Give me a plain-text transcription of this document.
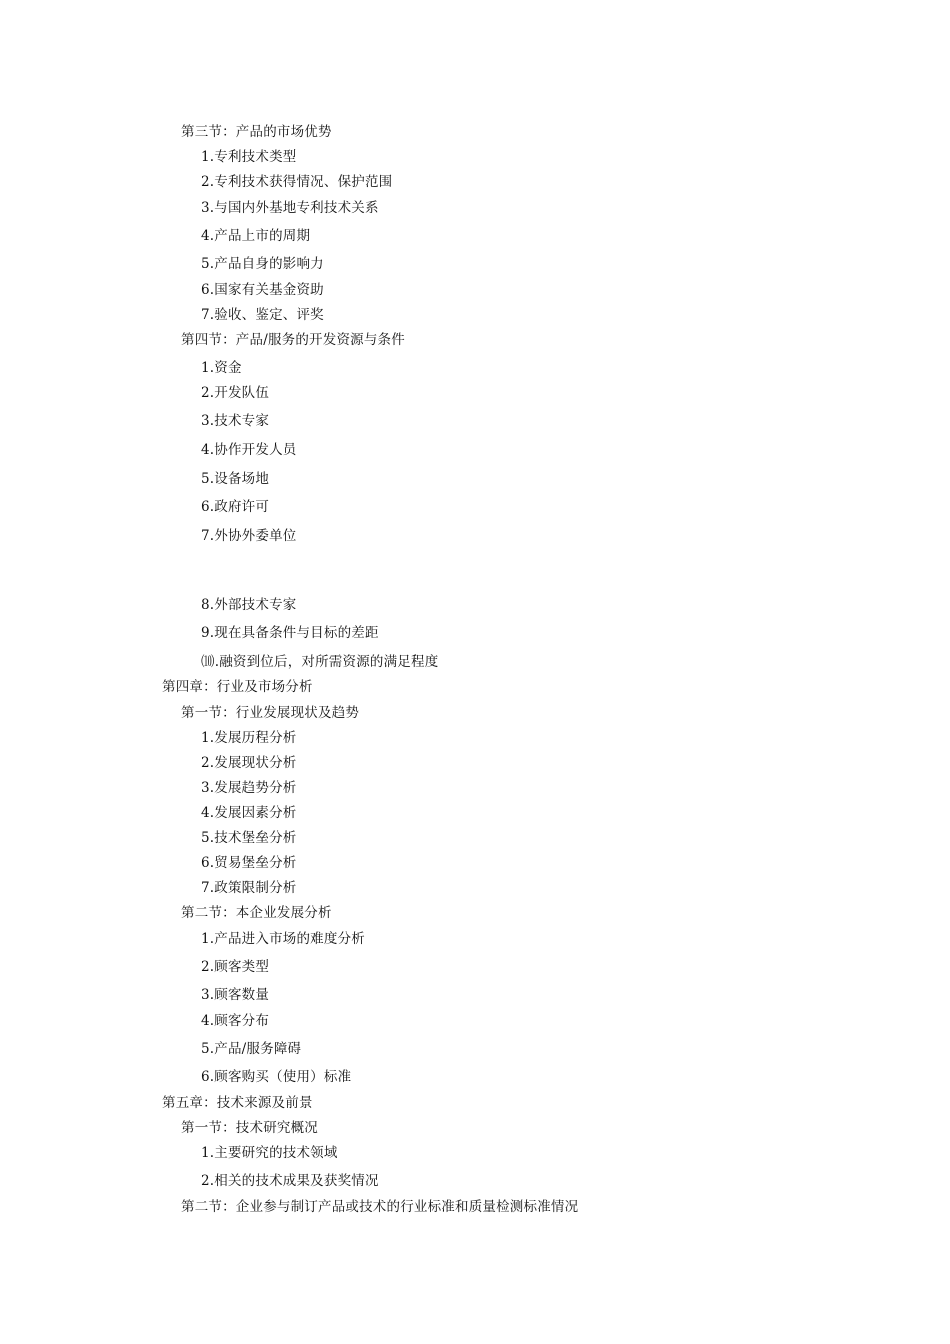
第三节：产品的市场优势
1.专利技术类型
2.专利技术获得情况、保护范围
3.与国内外基地专利技术关系
4.产品上市的周期
5.产品自身的影响力
6.国家有关基金资助
7.验收、鉴定、评奖
第四节：产品/服务的开发资源与条件
1.资金
2.开发队伍
3.技术专家
4.协作开发人员
5.设备场地
6.政府许可
7.外协外委单位
8.外部技术专家
9.现在具备条件与目标的差距
⑽.融资到位后，对所需资源的满足程度
第四章：行业及市场分析
第一节：行业发展现状及趋势
1.发展历程分析
2.发展现状分析
3.发展趋势分析
4.发展因素分析
5.技术堡垒分析
6.贸易堡垒分析
7.政策限制分析
第二节：本企业发展分析
1.产品进入市场的难度分析
2.顾客类型
3.顾客数量
4.顾客分布
5.产品/服务障碍
6.顾客购买（使用）标准
第五章：技术来源及前景
第一节：技术研究概况
1.主要研究的技术领域
2.相关的技术成果及获奖情况
第二节：企业参与制订产品或技术的行业标准和质量检测标准情况
